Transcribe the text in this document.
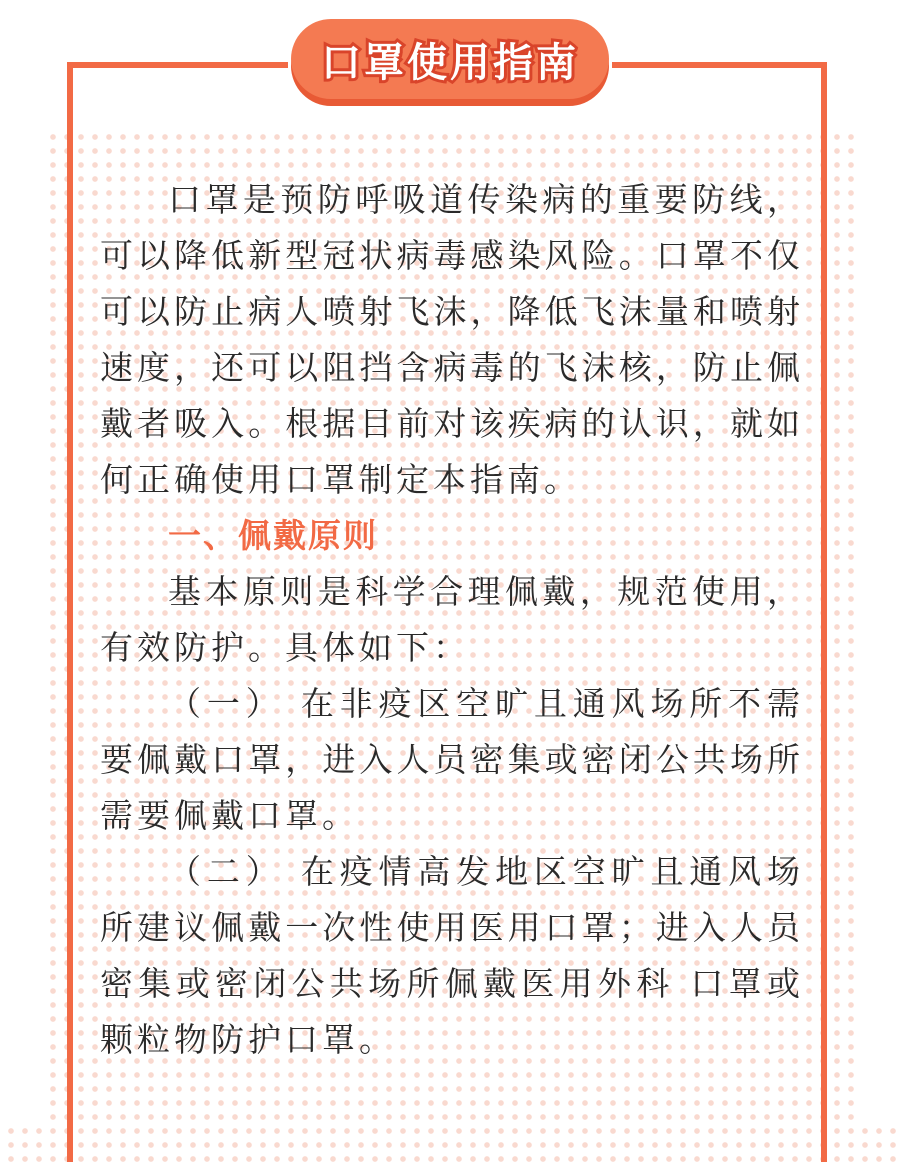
口罩使用指南

口罩是预防呼吸道传染病的重要防线，可以降低新型冠状病毒感染风险。口罩不仅可以防止病人喷射飞沫，降低飞沫量和喷射速度，还可以阻挡含病毒的飞沫核，防止佩戴者吸入。根据目前对该疾病的认识，就如何正确使用口罩制定本指南。

一、佩戴原则

基本原则是科学合理佩戴，规范使用，有效防护。具体如下：

（一） 在非疫区空旷且通风场所不需要佩戴口罩，进入人员密集或密闭公共场所需要佩戴口罩。

（二） 在疫情高发地区空旷且通风场所建议佩戴一次性使用医用口罩；进入人员密集或密闭公共场所佩戴医用外科 口罩或颗粒物防护口罩。
